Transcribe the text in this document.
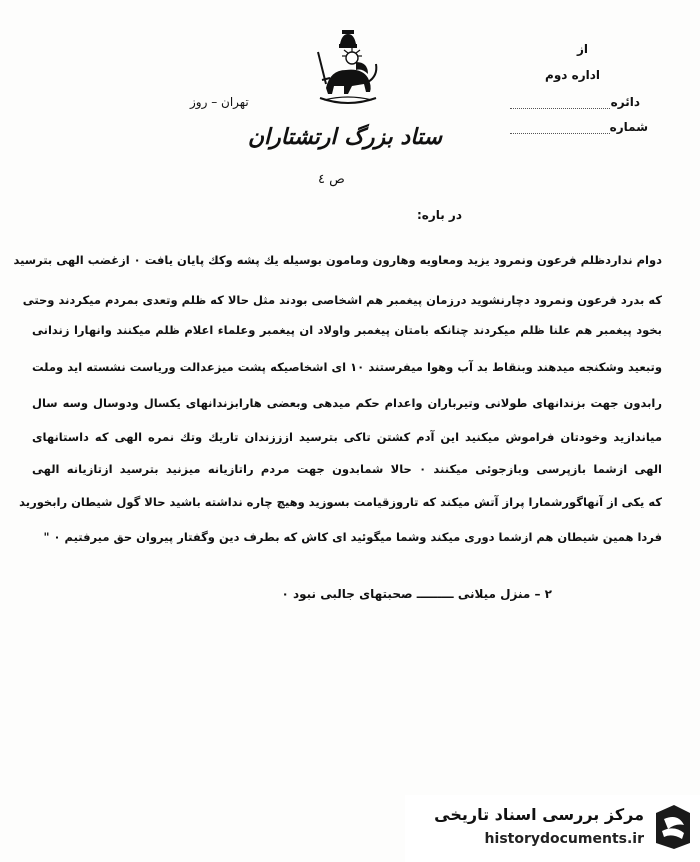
از
اداره دوم
دائره
شماره
تهران – روز
ستاد بزرگ ارتشتاران
ص ٤
در باره:
دوام نداردظلم فرعون ونمرود یزید ومعاویه وهارون ومامون بوسیله یك پشه وكك پایان یافت ۰ ازغضب الهی بترسید
كه بدرد فرعون ونمرود دچارنشوید درزمان پیغمبر هم اشخاصی بودند مثل حالا كه ظلم وتعدی بمردم میكردند وحتی
بخود پیغمبر هم علنا ظلم میكردند چنانكه بامتان پیغمبر واولاد ان پیغمبر وعلماء اعلام ظلم میكنند وانهارا زندانی
وتبعید وشكنجه میدهند وبنقاط بد آب وهوا میفرستند ۱۰ ای اشخاصیكه پشت میزعدالت وریاست نشسته اید وملت
رابدون جهت بزندانهای طولانی وتیرباران واعدام حكم میدهی وبعضی هارابزندانهای یكسال ودوسال وسه سال
میاندازید وخودتان فراموش میكنید این آدم كشتن تاكی بترسید ازززندان تاریك وتك نمره الهی كه داستانهای
الهی ازشما بازپرسی وبازجوئی میكنند ۰ حالا شمابدون جهت مردم راتازیانه میزنید بترسید ازتازیانه الهی
كه یكی از آنهاگورشمارا پراز آتش میكند كه تاروزقیامت بسوزید وهیچ چاره نداشته باشید حالا گول شیطان رابخورید
فردا همین شیطان هم ازشما دوری میكند وشما میگوئید ای كاش كه بطرف دین وگفتار پیروان حق میرفتیم ۰ "
۲ – منزل میلانی ـــــــــ صحبتهای جالبی نبود ۰
مرکز بررسی اسناد تاریخی
historydocuments.ir
